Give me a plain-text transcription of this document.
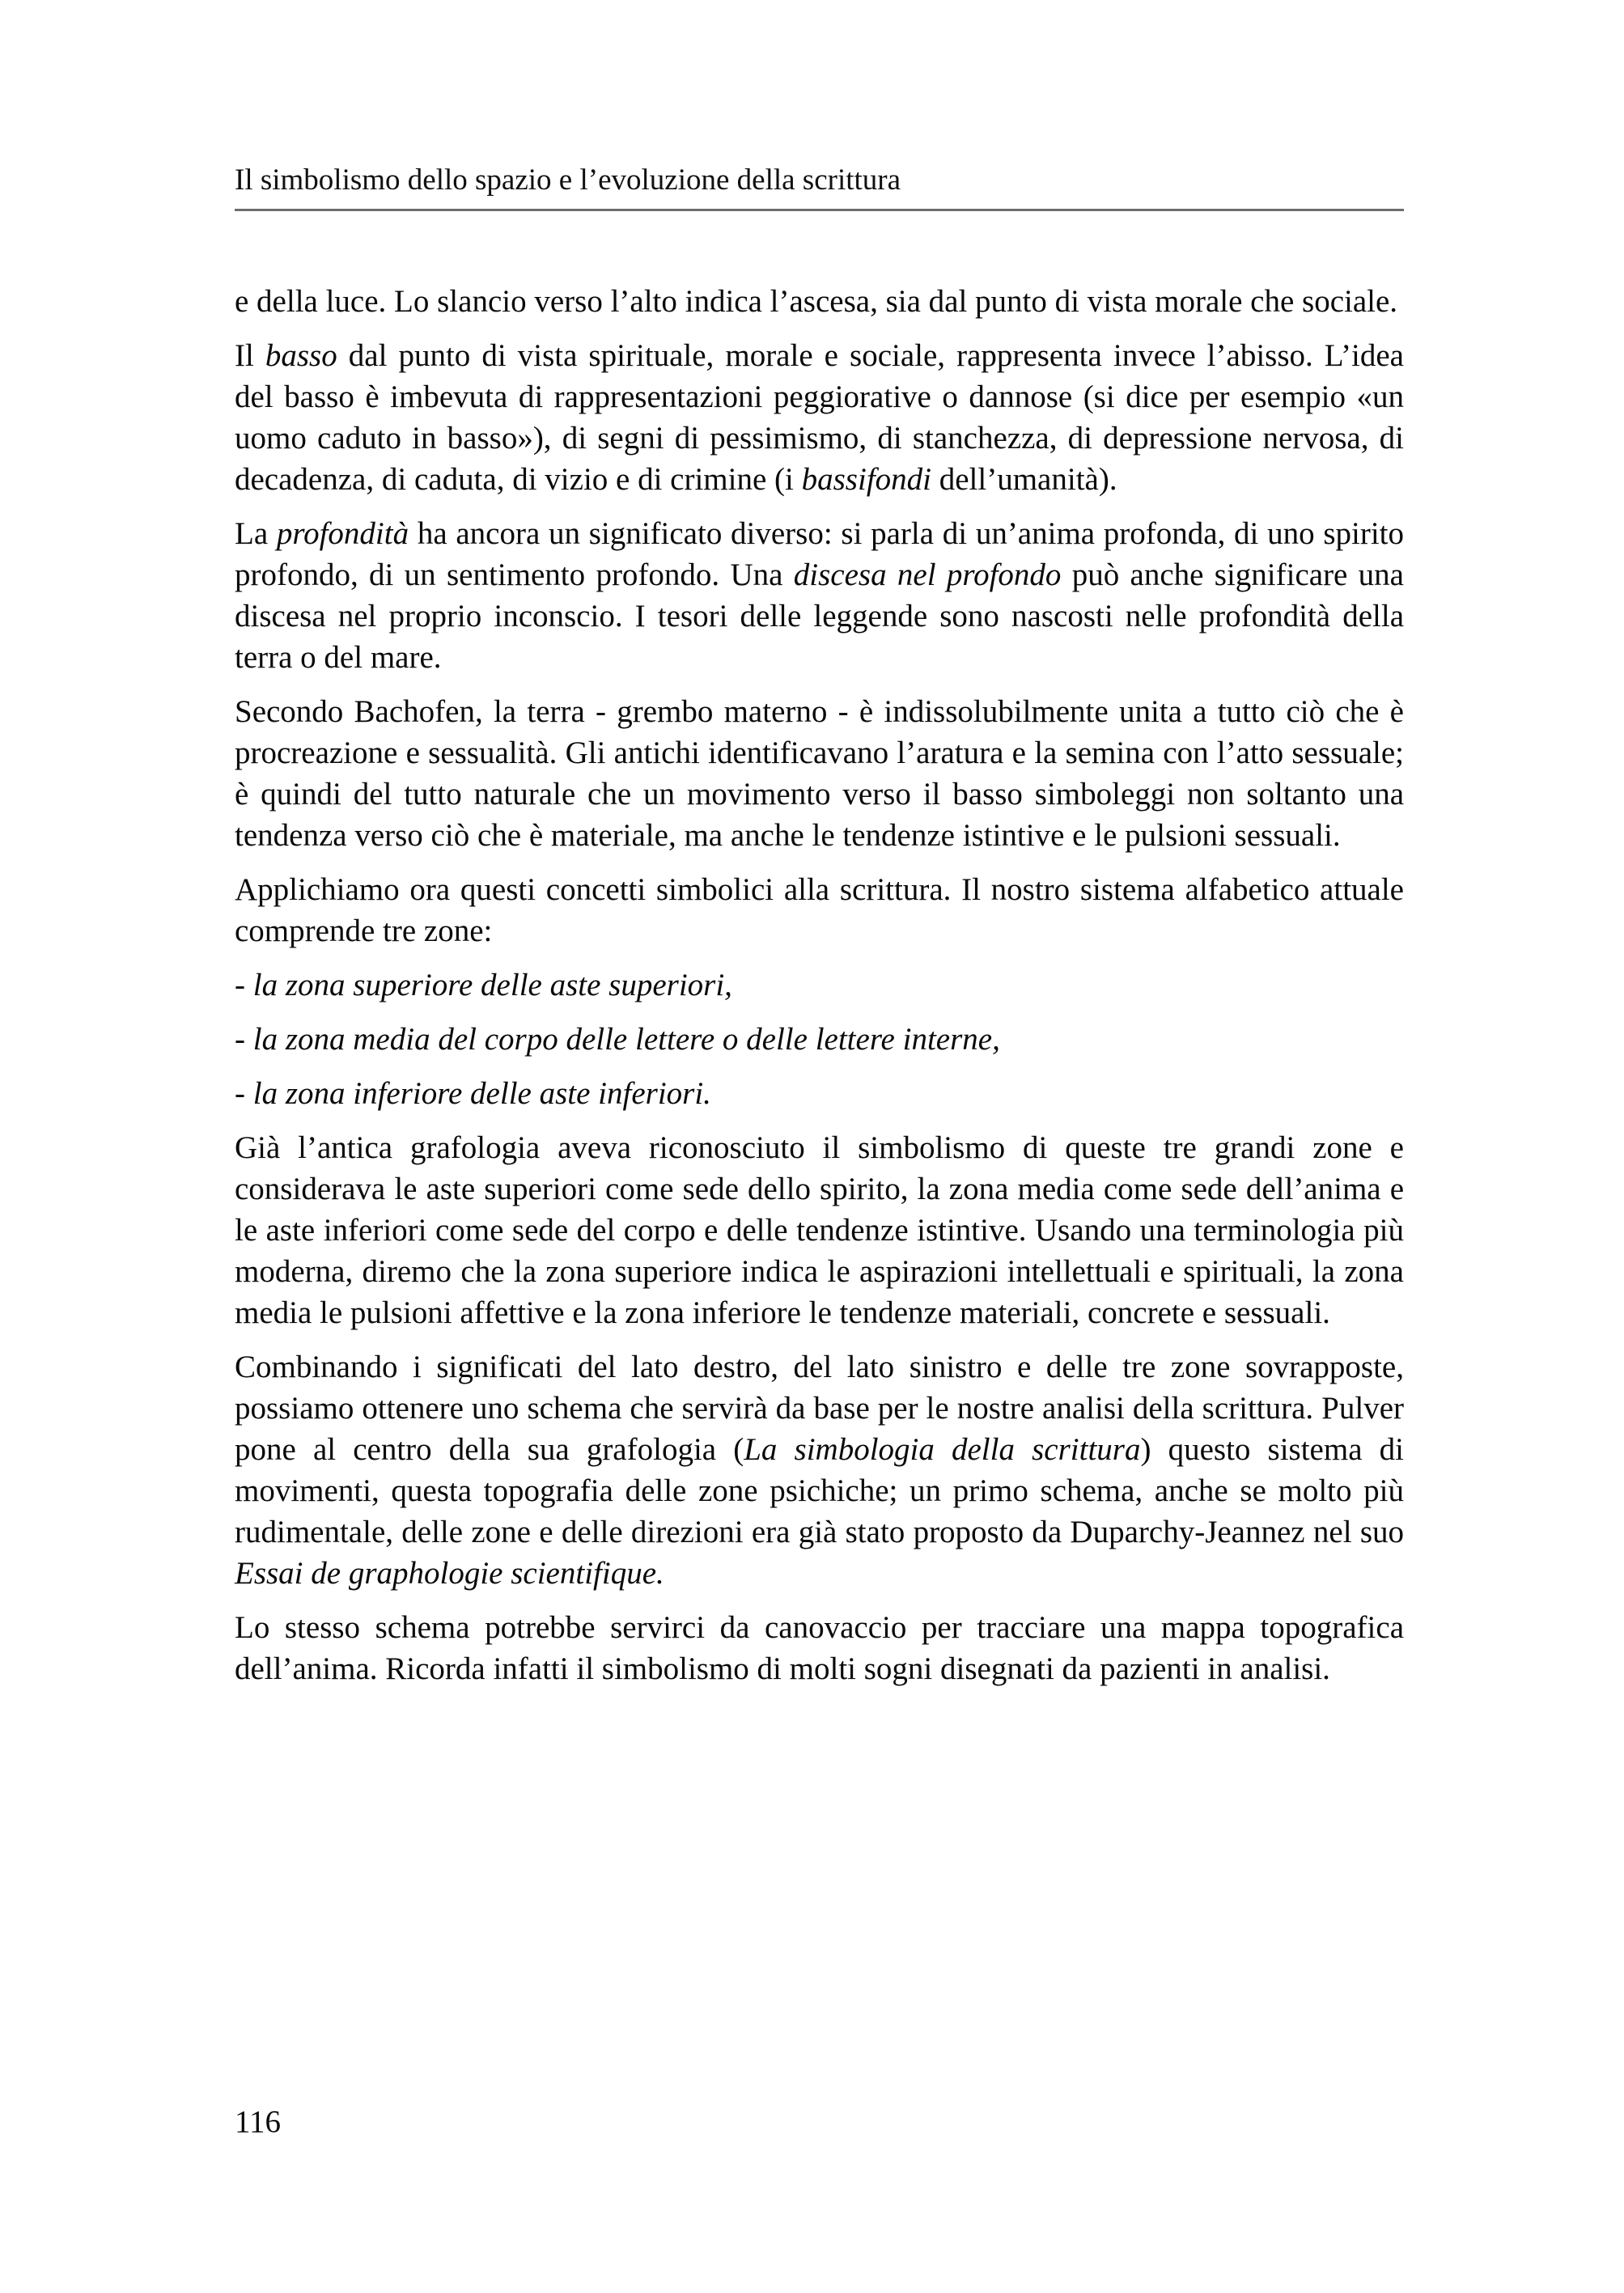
Il simbolismo dello spazio e l’evoluzione della scrittura

e della luce. Lo slancio verso l’alto indica l’ascesa, sia dal punto di vista morale che sociale.

Il basso dal punto di vista spirituale, morale e sociale, rappresenta invece l’abisso. L’idea del basso è imbevuta di rappresentazioni peggiorative o dannose (si dice per esempio «un uomo caduto in basso»), di segni di pessimismo, di stanchezza, di depressione nervosa, di decadenza, di caduta, di vizio e di crimine (i bassifondi dell’umanità).

La profondità ha ancora un significato diverso: si parla di un’anima profonda, di uno spirito profondo, di un sentimento profondo. Una discesa nel profondo può anche significare una discesa nel proprio inconscio. I tesori delle leggende sono nascosti nelle profondità della terra o del mare.

Secondo Bachofen, la terra - grembo materno - è indissolubilmente unita a tutto ciò che è procreazione e sessualità. Gli antichi identificavano l’aratura e la semina con l’atto sessuale; è quindi del tutto naturale che un movimento verso il basso simboleggi non soltanto una tendenza verso ciò che è materiale, ma anche le tendenze istintive e le pulsioni sessuali.

Applichiamo ora questi concetti simbolici alla scrittura. Il nostro sistema alfabetico attuale comprende tre zone:

- la zona superiore delle aste superiori,

- la zona media del corpo delle lettere o delle lettere interne,

- la zona inferiore delle aste inferiori.

Già l’antica grafologia aveva riconosciuto il simbolismo di queste tre grandi zone e considerava le aste superiori come sede dello spirito, la zona media come sede dell’anima e le aste inferiori come sede del corpo e delle tendenze istintive. Usando una terminologia più moderna, diremo che la zona superiore indica le aspirazioni intellettuali e spirituali, la zona media le pulsioni affettive e la zona inferiore le tendenze materiali, concrete e sessuali.

Combinando i significati del lato destro, del lato sinistro e delle tre zone sovrapposte, possiamo ottenere uno schema che servirà da base per le nostre analisi della scrittura. Pulver pone al centro della sua grafologia (La simbologia della scrittura) questo sistema di movimenti, questa topografia delle zone psichiche; un primo schema, anche se molto più rudimentale, delle zone e delle direzioni era già stato proposto da Duparchy-Jeannez nel suo Essai de graphologie scientifique.

Lo stesso schema potrebbe servirci da canovaccio per tracciare una mappa topografica dell’anima. Ricorda infatti il simbolismo di molti sogni disegnati da pazienti in analisi.

116
